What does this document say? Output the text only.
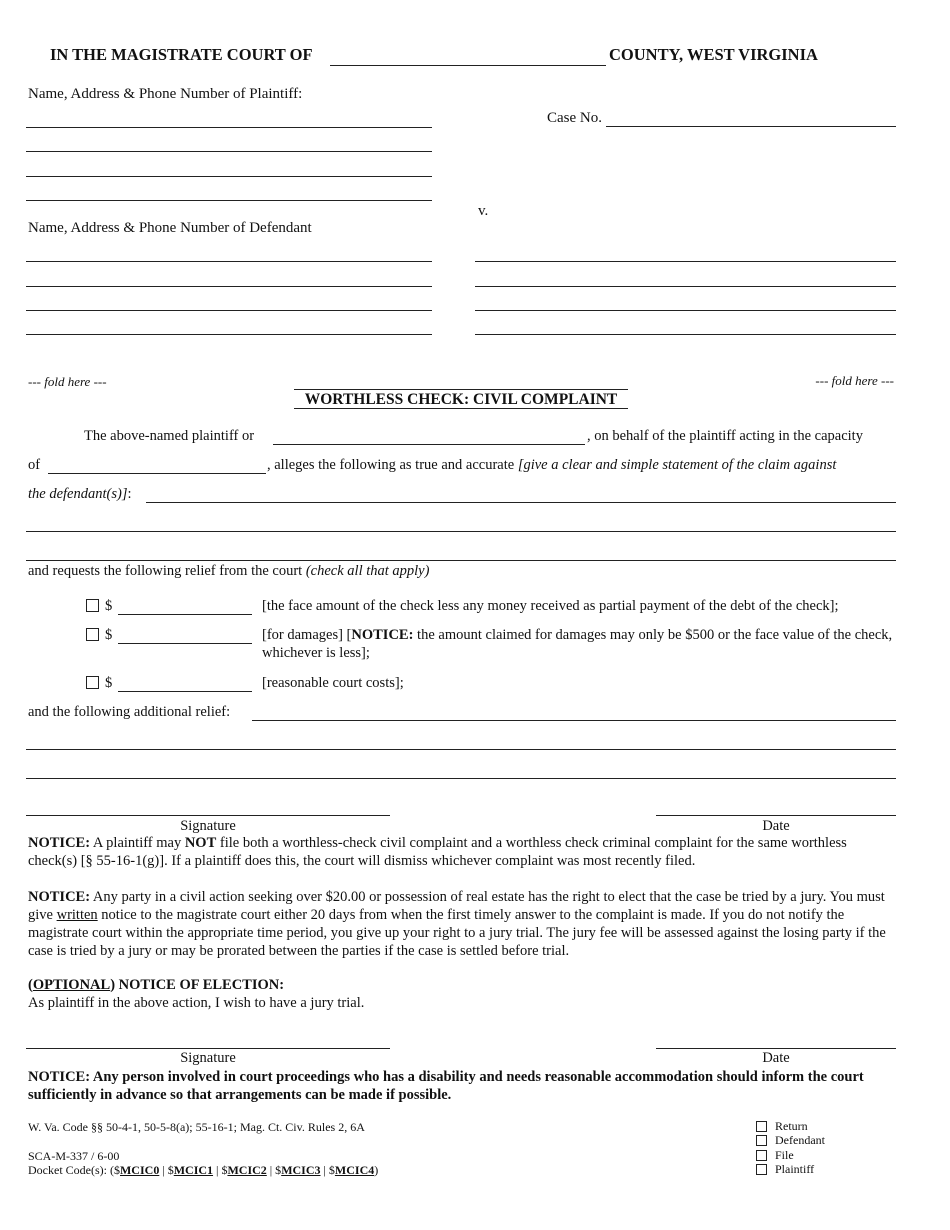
IN THE MAGISTRATE COURT OF	COUNTY, WEST VIRGINIA
Name, Address & Phone Number of Plaintiff:
Case No.
v.
Name, Address & Phone Number of Defendant
--- fold here ---	--- fold here ---
WORTHLESS CHECK: CIVIL COMPLAINT
The above-named plaintiff or	, on behalf of the plaintiff acting in the capacity
of	, alleges the following as true and accurate [give a clear and simple statement of the claim against
the defendant(s)]:
and requests the following relief from the court (check all that apply)
$	[the face amount of the check less any money received as partial payment of the debt of the check];
$	[for damages] [NOTICE: the amount claimed for damages may only be $500 or the face value of the check, whichever is less];
$	[reasonable court costs];
and the following additional relief:
Signature	Date
NOTICE: A plaintiff may NOT file both a worthless-check civil complaint and a worthless check criminal complaint for the same worthless check(s) [§ 55-16-1(g)]. If a plaintiff does this, the court will dismiss whichever complaint was most recently filed.
NOTICE: Any party in a civil action seeking over $20.00 or possession of real estate has the right to elect that the case be tried by a jury. You must give written notice to the magistrate court either 20 days from when the first timely answer to the complaint is made. If you do not notify the magistrate court within the appropriate time period, you give up your right to a jury trial. The jury fee will be assessed against the losing party if the case is tried by a jury or may be prorated between the parties if the case is settled before trial.
(OPTIONAL) NOTICE OF ELECTION:
As plaintiff in the above action, I wish to have a jury trial.
Signature	Date
NOTICE: Any person involved in court proceedings who has a disability and needs reasonable accommodation should inform the court sufficiently in advance so that arrangements can be made if possible.
W. Va. Code §§ 50-4-1, 50-5-8(a); 55-16-1; Mag. Ct. Civ. Rules 2, 6A
SCA-M-337 / 6-00
Docket Code(s): ($MCIC0 | $MCIC1 | $MCIC2 | $MCIC3 | $MCIC4)
Return
Defendant
File
Plaintiff
